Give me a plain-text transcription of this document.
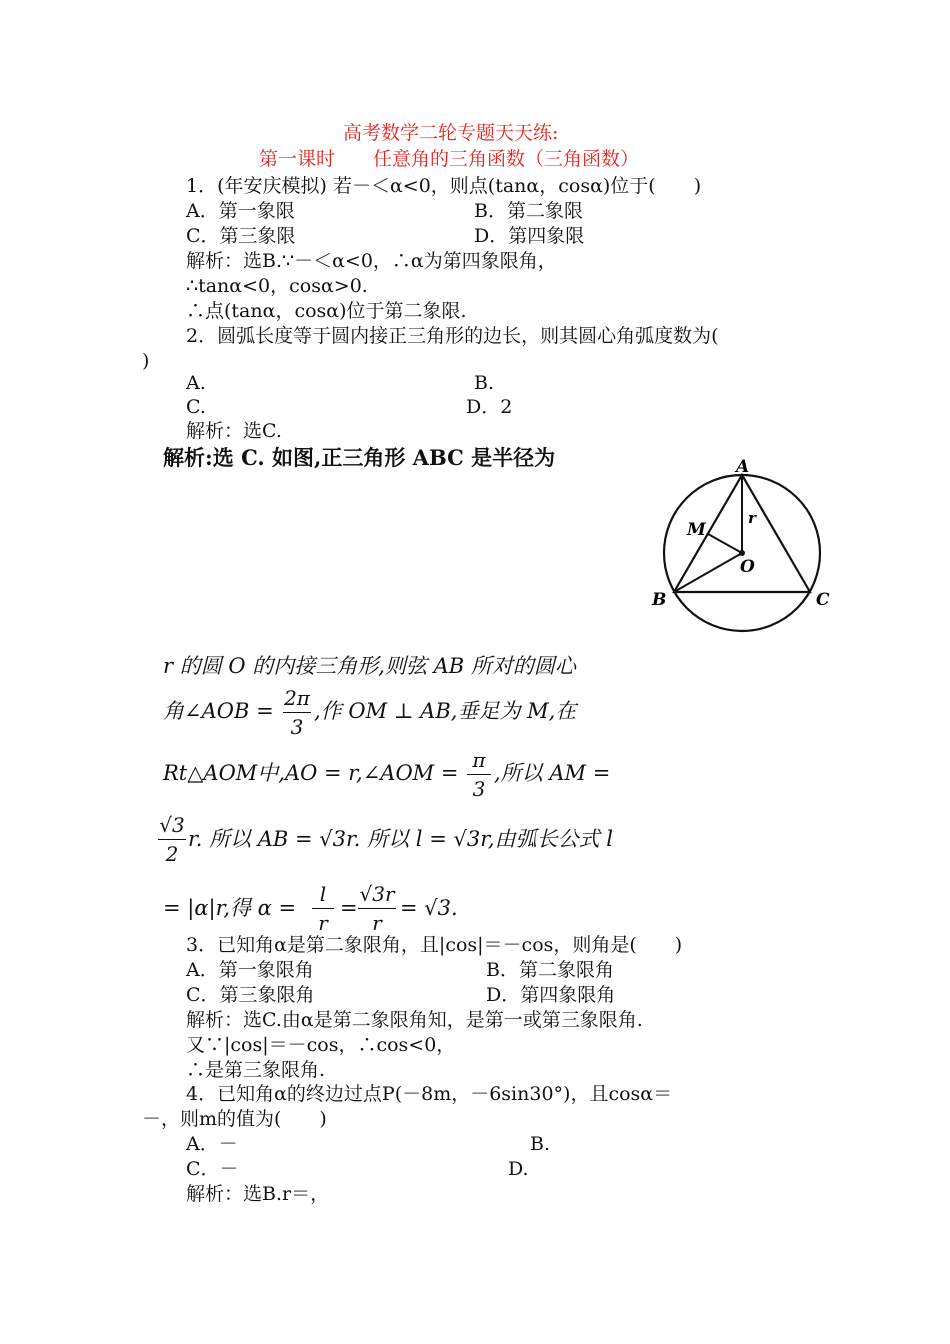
高考数学二轮专题天天练:
第一课时　　任意角的三角函数（三角函数）
1．(年安庆模拟) 若－＜α<0，则点(tanα，cosα)位于(　　)
A．第一象限	B．第二象限
C．第三象限	D．第四象限
解析：选B.∵－＜α<0，∴α为第四象限角，
∴tanα<0，cosα>0.
∴点(tanα，cosα)位于第二象限.
2．圆弧长度等于圆内接正三角形的边长，则其圆心角弧度数为(
)
A.	B.
C.	D．2
解析：选C.
解析:选 C. 如图,正三角形 ABC 是半径为	A
B	C
M
O
r
r 的圆 O 的内接三角形,则弦 AB 所对的圆心
角∠AOB =
2π
3
,作 OM ⊥ AB,垂足为 M,在
Rt△AOM中,AO = r,∠AOM =
π
3
,所以 AM =
√3
2
r. 所以 AB = √3r. 所以 l = √3r,由弧长公式 l
= |α|r,得 α =
l
r
=
√3r
r
= √3.
3．已知角α是第二象限角，且|cos|＝－cos，则角是(　　)
A．第一象限角	B．第二象限角
C．第三象限角	D．第四象限角
解析：选C.由α是第二象限角知，是第一或第三象限角.
又∵|cos|＝－cos，∴cos<0，
∴是第三象限角.
4．已知角α的终边过点P(－8m，－6sin30°)，且cosα＝
－，则m的值为(　　)
A．－	B.
C．－	D.
解析：选B.r＝，
